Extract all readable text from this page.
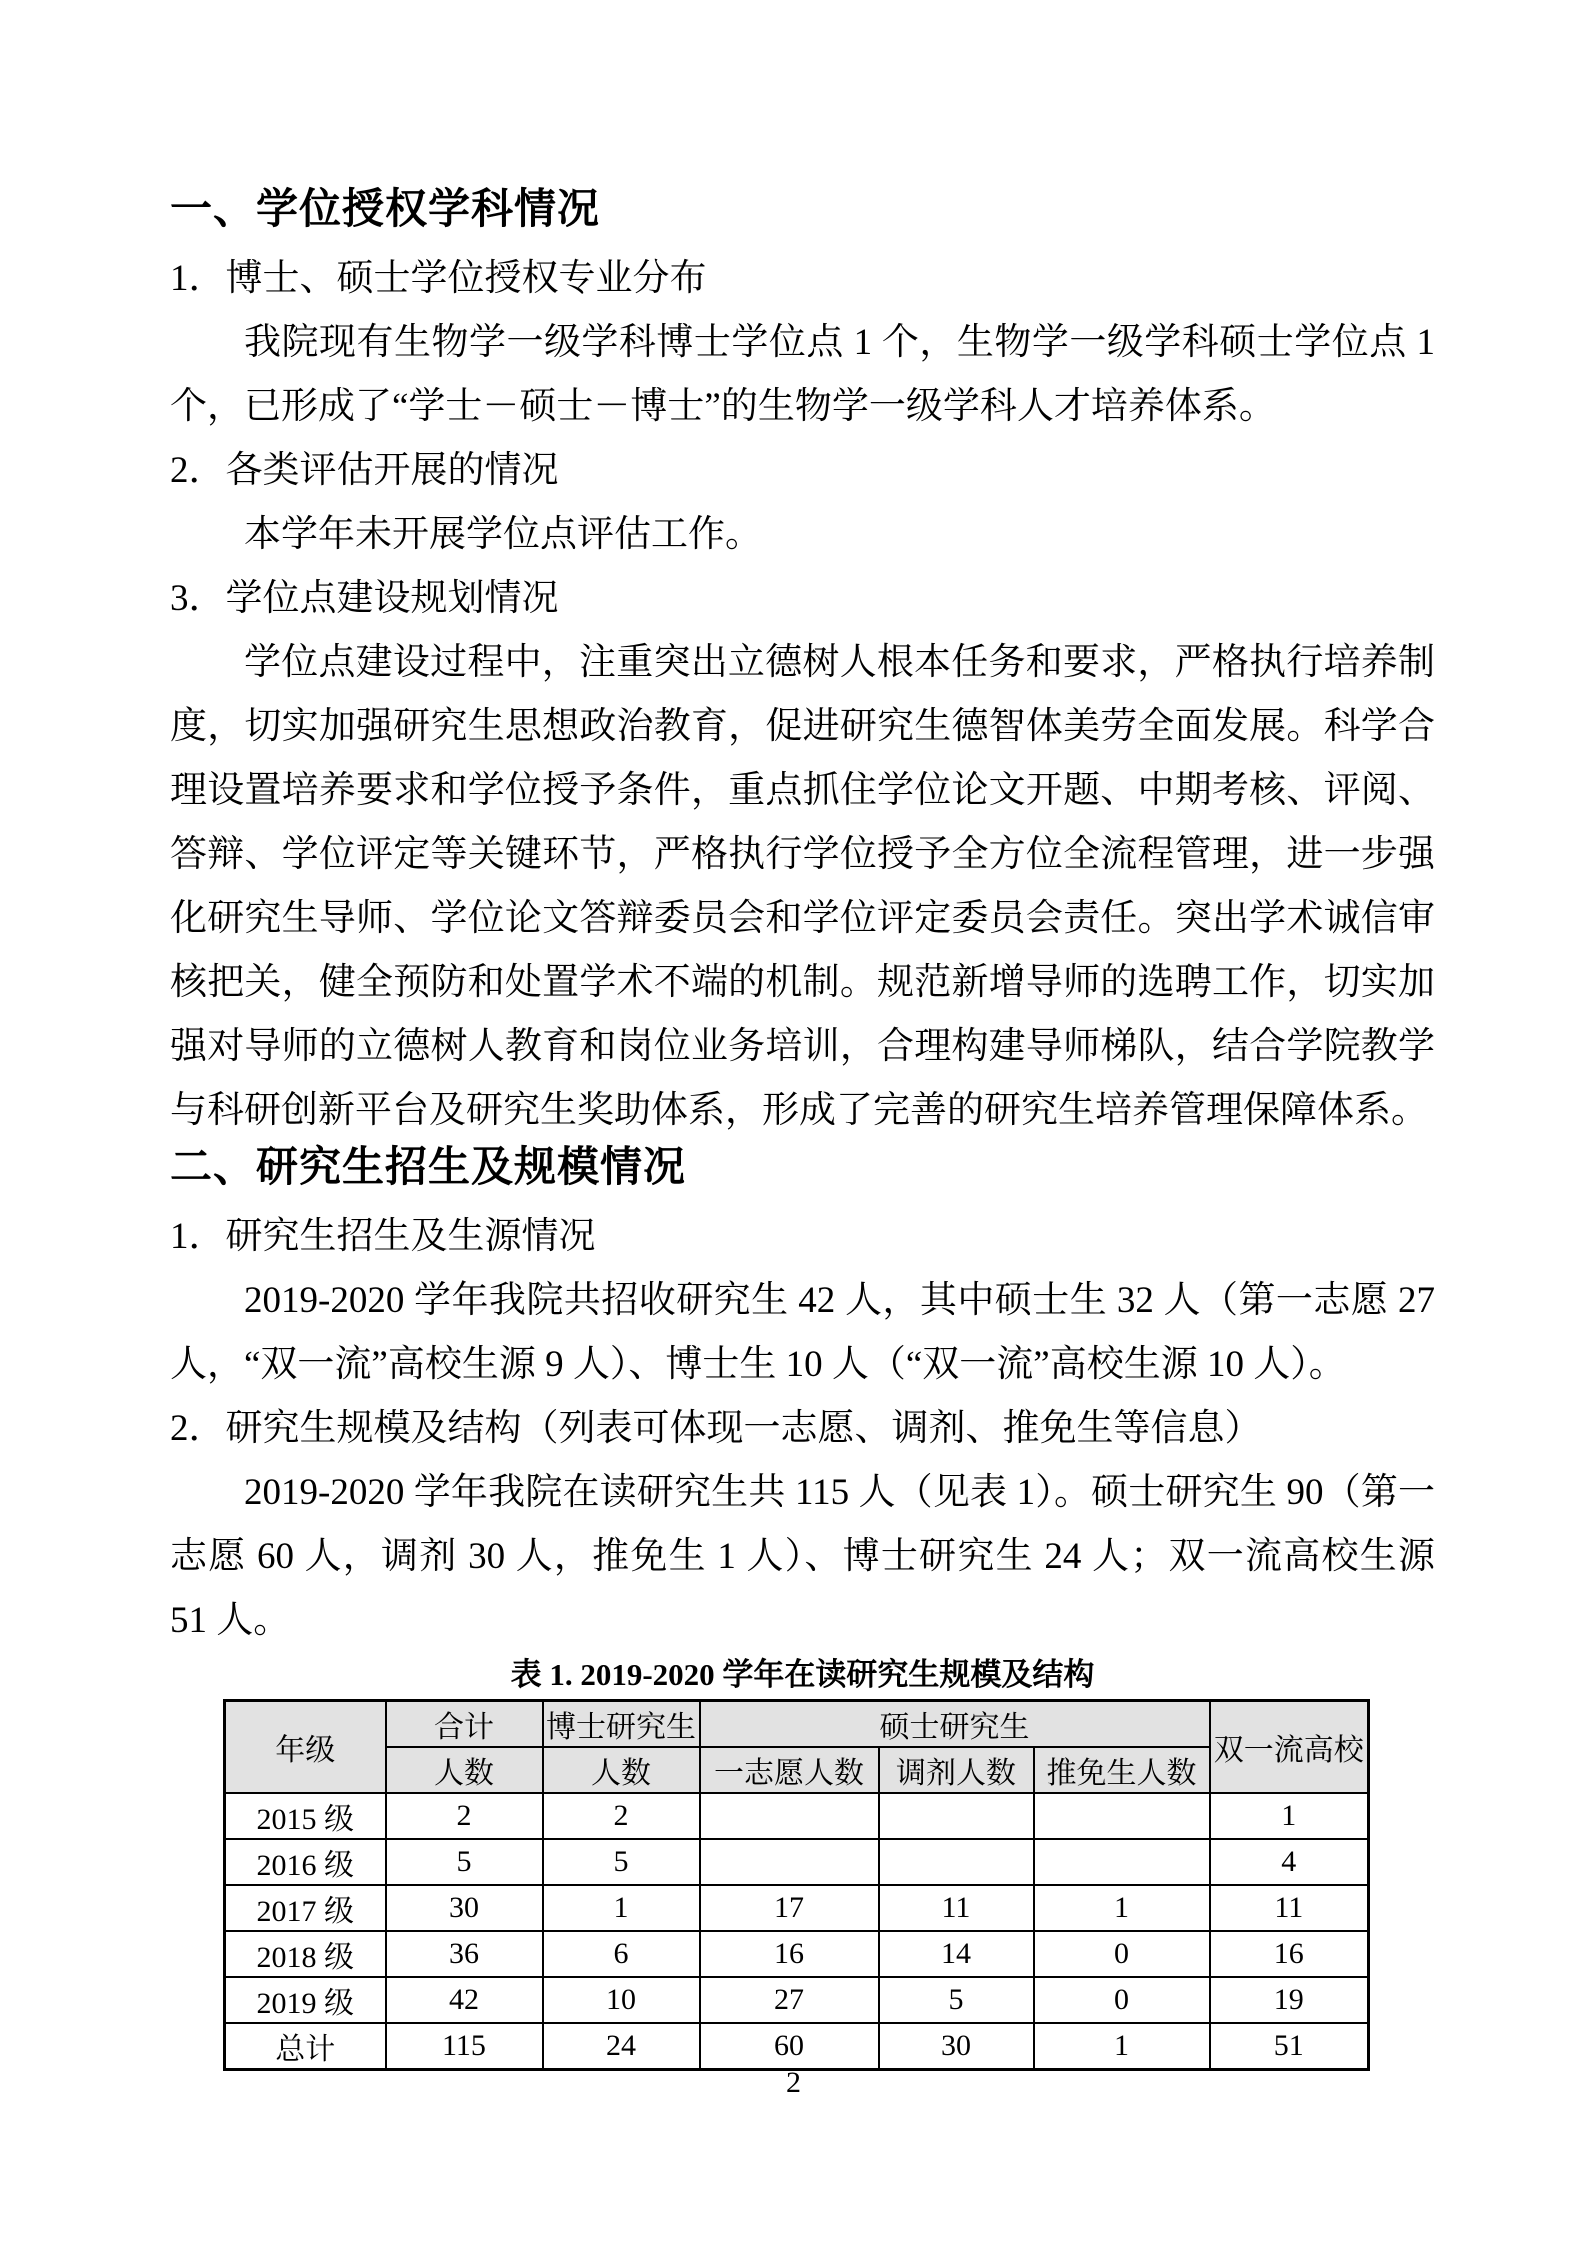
一、学位授权学科情况

1．博士、硕士学位授权专业分布

我院现有生物学一级学科博士学位点 1 个，生物学一级学科硕士学位点 1 个，已形成了“学士－硕士－博士”的生物学一级学科人才培养体系。

2．各类评估开展的情况

本学年未开展学位点评估工作。

3．学位点建设规划情况

学位点建设过程中，注重突出立德树人根本任务和要求，严格执行培养制度，切实加强研究生思想政治教育，促进研究生德智体美劳全面发展。科学合理设置培养要求和学位授予条件，重点抓住学位论文开题、中期考核、评阅、答辩、学位评定等关键环节，严格执行学位授予全方位全流程管理，进一步强化研究生导师、学位论文答辩委员会和学位评定委员会责任。突出学术诚信审核把关，健全预防和处置学术不端的机制。规范新增导师的选聘工作，切实加强对导师的立德树人教育和岗位业务培训，合理构建导师梯队，结合学院教学与科研创新平台及研究生奖助体系，形成了完善的研究生培养管理保障体系。

二、研究生招生及规模情况

1．研究生招生及生源情况

2019-2020 学年我院共招收研究生 42 人，其中硕士生 32 人（第一志愿 27 人，“双一流”高校生源 9 人）、博士生 10 人（“双一流”高校生源 10 人）。

2．研究生规模及结构（列表可体现一志愿、调剂、推免生等信息）

2019-2020 学年我院在读研究生共 115 人（见表 1）。硕士研究生 90（第一志愿 60 人，调剂 30 人，推免生 1 人）、博士研究生 24 人；双一流高校生源 51 人。

表 1. 2019-2020 学年在读研究生规模及结构
年级	合计	博士研究生	硕士研究生			双一流高校
	人数	人数	一志愿人数	调剂人数	推免生人数	
2015 级	2	2				1
2016 级	5	5				4
2017 级	30	1	17	11	1	11
2018 级	36	6	16	14	0	16
2019 级	42	10	27	5	0	19
总计	115	24	60	30	1	51
2
